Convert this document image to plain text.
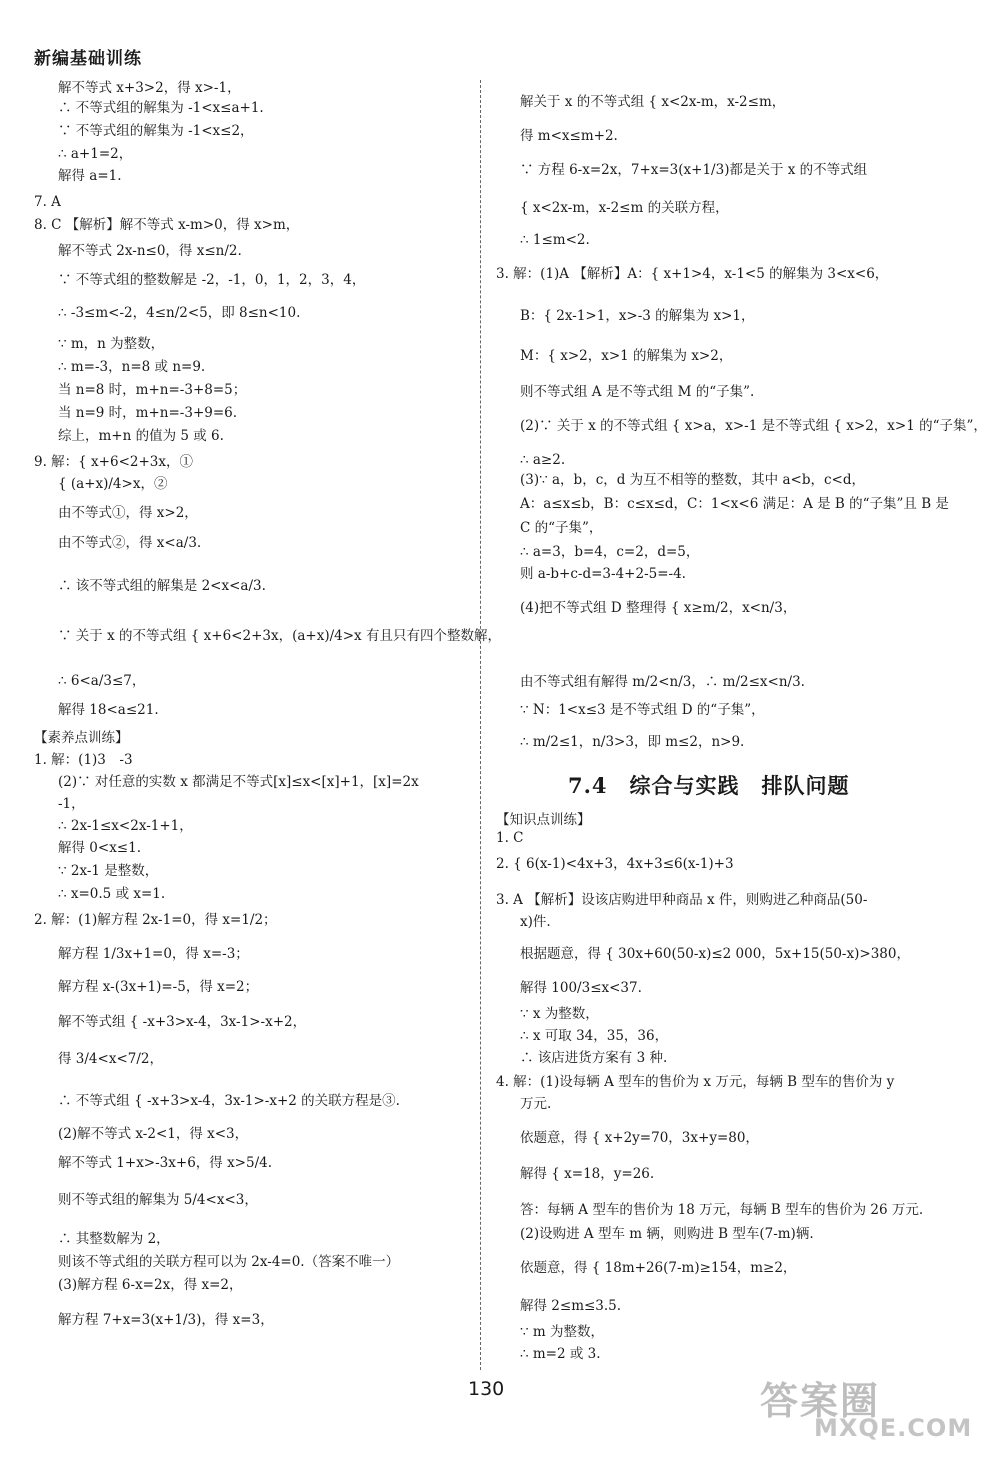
新编基础训练
解不等式 x+3>2，得 x>-1，
∴ 不等式组的解集为 -1<x≤a+1.
∵ 不等式组的解集为 -1<x≤2，
∴ a+1=2，
解得 a=1.
7. A
8. C 【解析】解不等式 x-m>0，得 x>m，
解不等式 2x-n≤0，得 x≤n/2.
∵ 不等式组的整数解是 -2，-1，0，1，2，3，4，
∴ -3≤m<-2，4≤n/2<5，即 8≤n<10.
∵ m，n 为整数，
∴ m=-3，n=8 或 n=9.
当 n=8 时，m+n=-3+8=5；
当 n=9 时，m+n=-3+9=6.
综上，m+n 的值为 5 或 6.
9. 解：{ x+6<2+3x，①
{ (a+x)/4>x，②
由不等式①，得 x>2，
由不等式②，得 x<a/3.
∴ 该不等式组的解集是 2<x<a/3.
∵ 关于 x 的不等式组 { x+6<2+3x，(a+x)/4>x 有且只有四个整数解，
∴ 6<a/3≤7，
解得 18<a≤21.
【素养点训练】
1. 解：(1)3　-3
(2)∵ 对任意的实数 x 都满足不等式[x]≤x<[x]+1，[x]=2x
-1，
∴ 2x-1≤x<2x-1+1，
解得 0<x≤1.
∵ 2x-1 是整数，
∴ x=0.5 或 x=1.
2. 解：(1)解方程 2x-1=0，得 x=1/2；
解方程 1/3x+1=0，得 x=-3；
解方程 x-(3x+1)=-5，得 x=2；
解不等式组 { -x+3>x-4，3x-1>-x+2，
得 3/4<x<7/2，
∴ 不等式组 { -x+3>x-4，3x-1>-x+2 的关联方程是③.
(2)解不等式 x-2<1，得 x<3，
解不等式 1+x>-3x+6，得 x>5/4.
则不等式组的解集为 5/4<x<3，
∴ 其整数解为 2，
则该不等式组的关联方程可以为 2x-4=0.（答案不唯一）
(3)解方程 6-x=2x，得 x=2，
解方程 7+x=3(x+1/3)，得 x=3，
解关于 x 的不等式组 { x<2x-m，x-2≤m，
得 m<x≤m+2.
∵ 方程 6-x=2x，7+x=3(x+1/3)都是关于 x 的不等式组
{ x<2x-m，x-2≤m 的关联方程，
∴ 1≤m<2.
3. 解：(1)A 【解析】A：{ x+1>4，x-1<5 的解集为 3<x<6，
B：{ 2x-1>1，x>-3 的解集为 x>1，
M：{ x>2，x>1 的解集为 x>2，
则不等式组 A 是不等式组 M 的“子集”.
(2)∵ 关于 x 的不等式组 { x>a，x>-1 是不等式组 { x>2，x>1 的“子集”，
∴ a≥2.
(3)∵ a，b，c，d 为互不相等的整数，其中 a<b，c<d，
A：a≤x≤b，B：c≤x≤d，C：1<x<6 满足：A 是 B 的“子集”且 B 是
C 的“子集”，
∴ a=3，b=4，c=2，d=5，
则 a-b+c-d=3-4+2-5=-4.
(4)把不等式组 D 整理得 { x≥m/2，x<n/3，
由不等式组有解得 m/2<n/3，∴ m/2≤x<n/3.
∵ N：1<x≤3 是不等式组 D 的“子集”，
∴ m/2≤1，n/3>3，即 m≤2，n>9.
【知识点训练】
1. C
2. { 6(x-1)<4x+3，4x+3≤6(x-1)+3
3. A 【解析】设该店购进甲种商品 x 件，则购进乙种商品(50-
x)件.
根据题意，得 { 30x+60(50-x)≤2 000，5x+15(50-x)>380，
解得 100/3≤x<37.
∵ x 为整数，
∴ x 可取 34，35，36，
∴ 该店进货方案有 3 种.
4. 解：(1)设每辆 A 型车的售价为 x 万元，每辆 B 型车的售价为 y
万元.
依题意，得 { x+2y=70，3x+y=80，
解得 { x=18，y=26.
答：每辆 A 型车的售价为 18 万元，每辆 B 型车的售价为 26 万元.
(2)设购进 A 型车 m 辆，则购进 B 型车(7-m)辆.
依题意，得 { 18m+26(7-m)≥154，m≥2，
解得 2≤m≤3.5.
∵ m 为整数，
∴ m=2 或 3.
7.4　综合与实践　排队问题
130	答案圈
MXQE.COM
